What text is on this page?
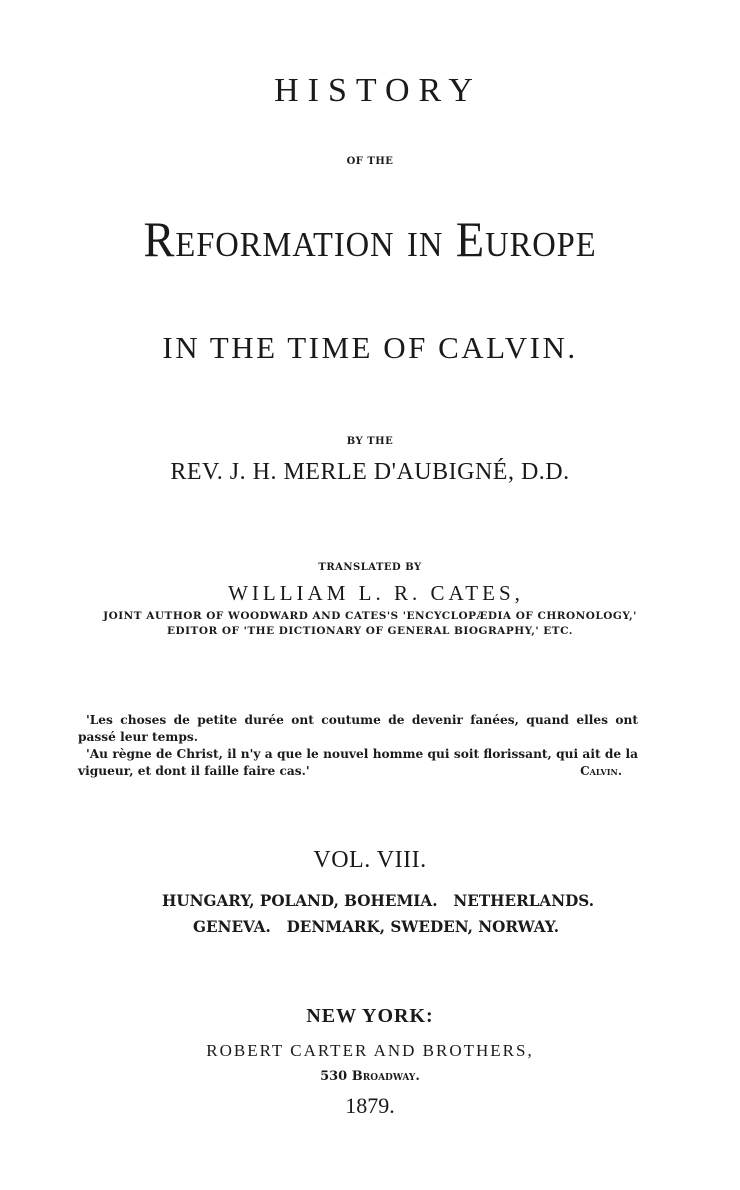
HISTORY
OF THE
Reformation in Europe
IN THE TIME OF CALVIN.
BY THE
REV. J. H. MERLE D'AUBIGNÉ, D.D.
TRANSLATED BY
WILLIAM L. R. CATES,
JOINT AUTHOR OF WOODWARD AND CATES'S 'ENCYCLOPÆDIA OF CHRONOLOGY,'
EDITOR OF 'THE DICTIONARY OF GENERAL BIOGRAPHY,' ETC.

'Les choses de petite durée ont coutume de devenir fanées, quand elles ont passé leur temps.

'Au règne de Christ, il n'y a que le nouvel homme qui soit florissant, qui ait de la vigueur, et dont il faille faire cas.'	Calvin.
VOL. VIII.
HUNGARY, POLAND, BOHEMIA.   NETHERLANDS.
GENEVA.   DENMARK, SWEDEN, NORWAY.
NEW YORK:
ROBERT CARTER AND BROTHERS,
530 Broadway.
1879.
